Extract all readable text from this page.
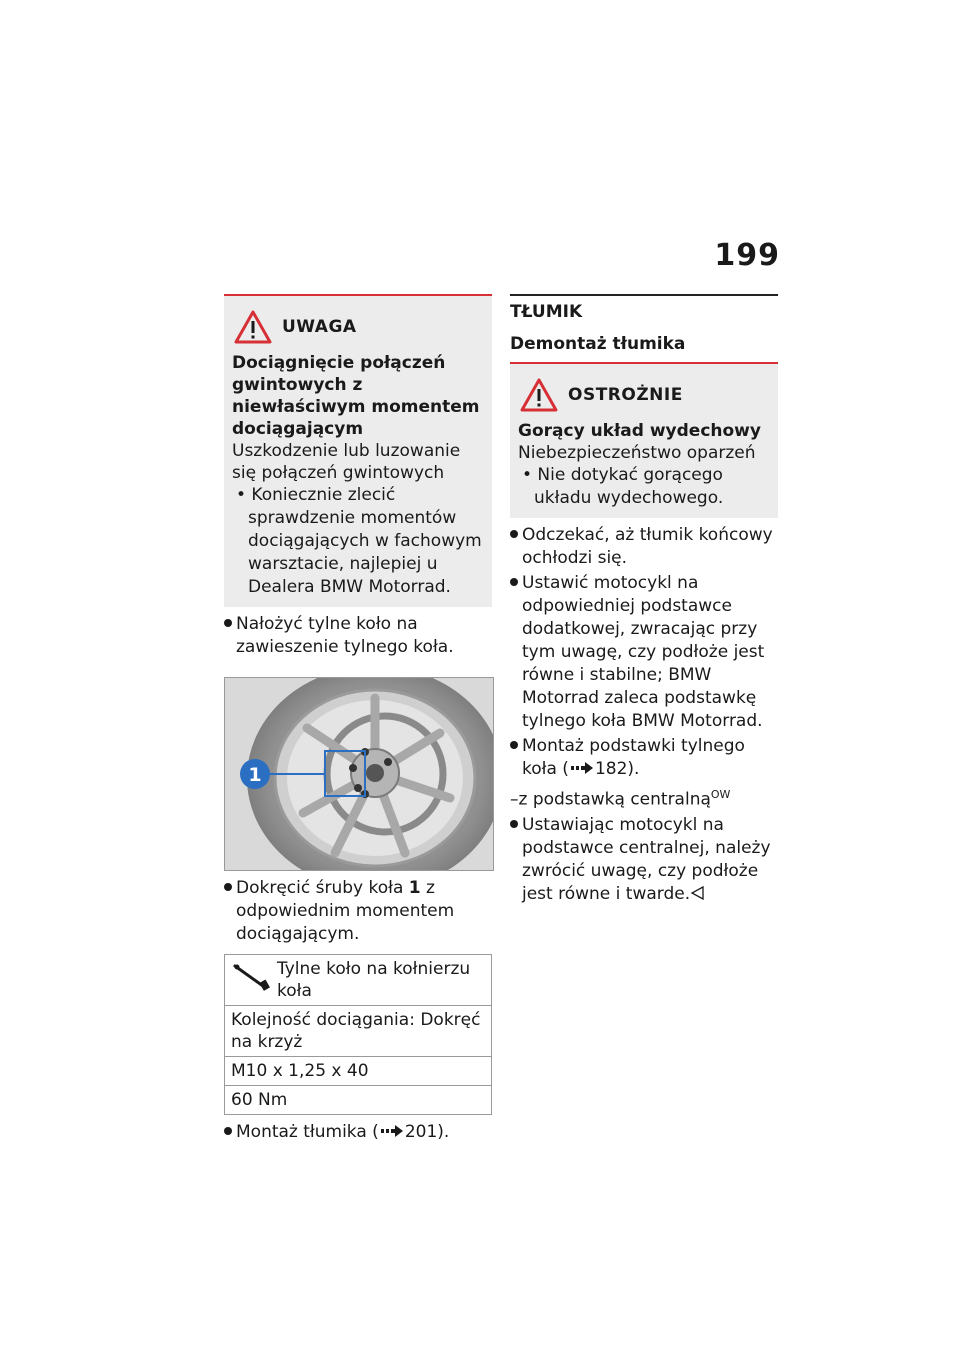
199
UWAGA
Dociągnięcie połączeń gwintowych z niewłaściwym momentem dociągającym
Uszkodzenie lub luzowanie się połączeń gwintowych
• Koniecznie zlecić sprawdzenie momentów dociągających w fachowym warsztacie, najlepiej u Dealera BMW Motorrad.
Nałożyć tylne koło na zawieszenie tylnego koła.
1
Dokręcić śruby koła 1 z odpowiednim momentem dociągającym.
Tylne koło na kołnierzu koła
Kolejność dociągania: Dokręć na krzyż
M10 x 1,25 x 40
60 Nm
Montaż tłumika ( 201).
TŁUMIK
Demontaż tłumika
OSTROŻNIE
Gorący układ wydechowy
Niebezpieczeństwo oparzeń
• Nie dotykać gorącego układu wydechowego.
Odczekać, aż tłumik końcowy ochłodzi się.
Ustawić motocykl na odpowiedniej podstawce dodatkowej, zwracając przy tym uwagę, czy podłoże jest równe i stabilne; BMW Motorrad zaleca podstawkę tylnego koła BMW Motorrad.
Montaż podstawki tylnego koła ( 182).
–z podstawką centralną$^{OW}$
Ustawiając motocykl na podstawce centralnej, należy zwrócić uwagę, czy podłoże jest równe i twarde.
